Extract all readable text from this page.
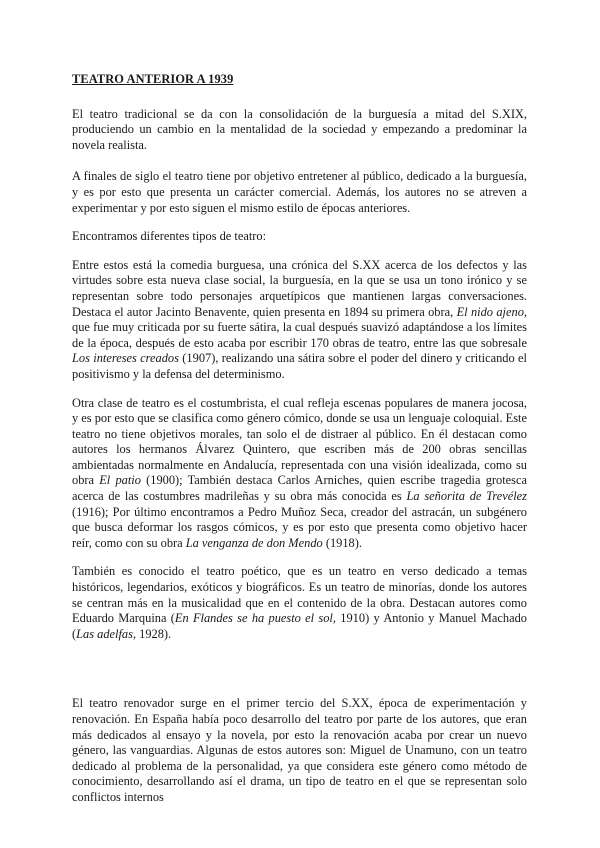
TEATRO ANTERIOR A 1939

El teatro tradicional se da con la consolidación de la burguesía a mitad del S.XIX, produciendo un cambio en la mentalidad de la sociedad y empezando a predominar la novela realista.

A finales de siglo el teatro tiene por objetivo entretener al público, dedicado a la burguesía, y es por esto que presenta un carácter comercial. Además, los autores no se atreven a experimentar y por esto siguen el mismo estilo de épocas anteriores.

Encontramos diferentes tipos de teatro:

Entre estos está la comedia burguesa, una crónica del S.XX acerca de los defectos y las virtudes sobre esta nueva clase social, la burguesía, en la que se usa un tono irónico y se representan sobre todo personajes arquetípicos que mantienen largas conversaciones. Destaca el autor Jacinto Benavente, quien presenta en 1894 su primera obra, El nido ajeno, que fue muy criticada por su fuerte sátira, la cual después suavizó adaptándose a los límites de la época, después de esto acaba por escribir 170 obras de teatro, entre las que sobresale Los intereses creados (1907), realizando una sátira sobre el poder del dinero y criticando el positivismo y la defensa del determinismo.

Otra clase de teatro es el costumbrista, el cual refleja escenas populares de manera jocosa, y es por esto que se clasifica como género cómico, donde se usa un lenguaje coloquial. Este teatro no tiene objetivos morales, tan solo el de distraer al público. En él destacan como autores los hermanos Álvarez Quintero, que escriben más de 200 obras sencillas ambientadas normalmente en Andalucía, representada con una visión idealizada, como su obra El patio (1900); También destaca Carlos Arniches, quien escribe tragedia grotesca acerca de las costumbres madrileñas y su obra más conocida es La señorita de Trevélez (1916); Por último encontramos a Pedro Muñoz Seca, creador del astracán, un subgénero que busca deformar los rasgos cómicos, y es por esto que presenta como objetivo hacer reír, como con su obra La venganza de don Mendo (1918).

También es conocido el teatro poético, que es un teatro en verso dedicado a temas históricos, legendarios, exóticos y biográficos. Es un teatro de minorías, donde los autores se centran más en la musicalidad que en el contenido de la obra. Destacan autores como Eduardo Marquina (En Flandes se ha puesto el sol, 1910) y Antonio y Manuel Machado (Las adelfas, 1928).

El teatro renovador surge en el primer tercio del S.XX, época de experimentación y renovación. En España había poco desarrollo del teatro por parte de los autores, que eran más dedicados al ensayo y la novela, por esto la renovación acaba por crear un nuevo género, las vanguardias. Algunas de estos autores son: Miguel de Unamuno, con un teatro dedicado al problema de la personalidad, ya que considera este género como método de conocimiento, desarrollando así el drama, un tipo de teatro en el que se representan solo conflictos internos
